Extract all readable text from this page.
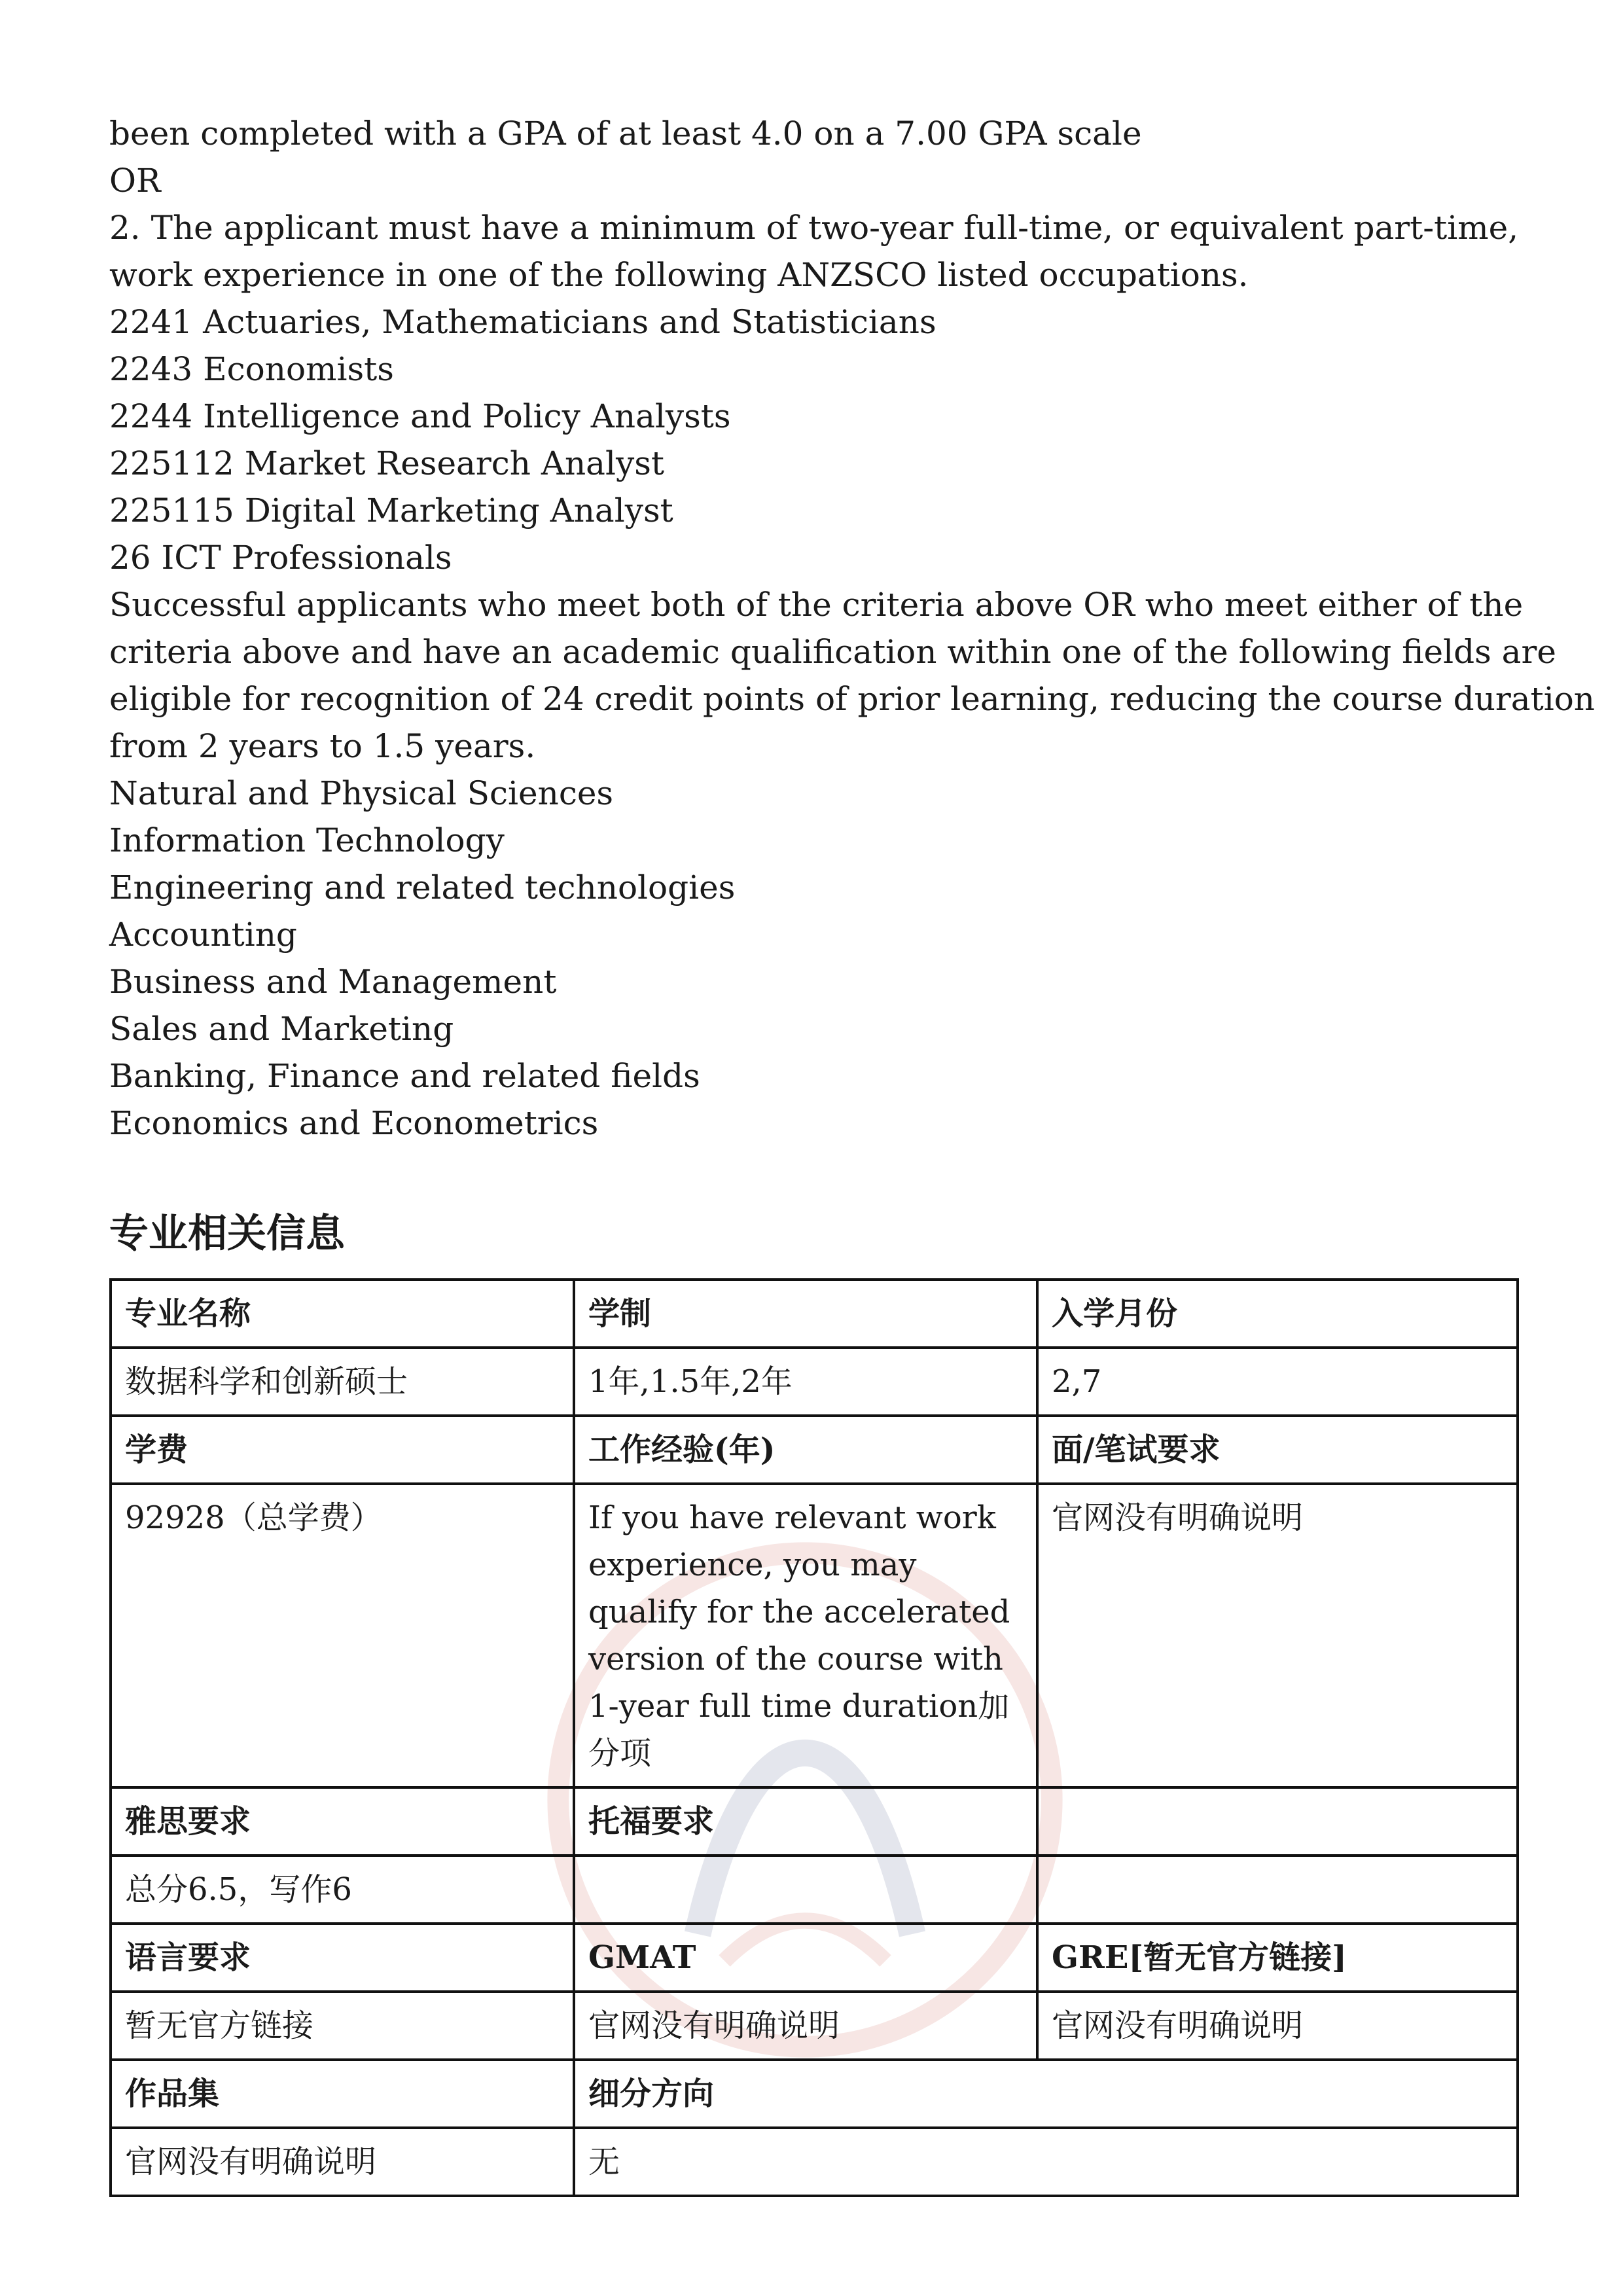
been completed with a GPA of at least 4.0 on a 7.00 GPA scale
OR
2. The applicant must have a minimum of two-year full-time, or equivalent part-time,
work experience in one of the following ANZSCO listed occupations.
2241 Actuaries, Mathematicians and Statisticians
2243 Economists
2244 Intelligence and Policy Analysts
225112 Market Research Analyst
225115 Digital Marketing Analyst
26 ICT Professionals
Successful applicants who meet both of the criteria above OR who meet either of the
criteria above and have an academic qualification within one of the following fields are
eligible for recognition of 24 credit points of prior learning, reducing the course duration
from 2 years to 1.5 years.
Natural and Physical Sciences
Information Technology
Engineering and related technologies
Accounting
Business and Management
Sales and Marketing
Banking, Finance and related fields
Economics and Econometrics
专业相关信息
专业名称	学制	入学月份
数据科学和创新硕士	1年,1.5年,2年	2,7
学费	工作经验(年)	面/笔试要求
92928（总学费）	If you have relevant work experience, you may qualify for the accelerated version of the course with 1-year full time duration加分项	官网没有明确说明
雅思要求	托福要求	
总分6.5，写作6		
语言要求	GMAT	GRE[暂无官方链接]
暂无官方链接	官网没有明确说明	官网没有明确说明
作品集	细分方向	
官网没有明确说明	无	
